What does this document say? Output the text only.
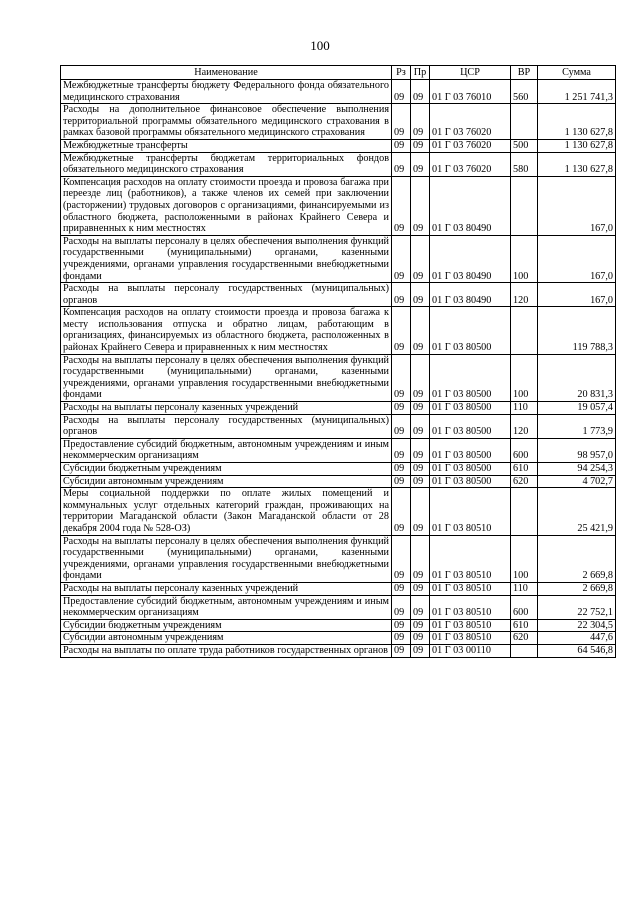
100
Наименование	Рз	Пр	ЦСР	ВР	Сумма
Межбюджетные трансферты бюджету Федерального фонда обязательного медицинского страхования	09	09	01 Г 03 76010	560	1 251 741,3
Расходы на дополнительное финансовое обеспечение выполнения территориальной программы обязательного медицинского страхования в рамках базовой программы обязательного медицинского страхования	09	09	01 Г 03 76020		1 130 627,8
Межбюджетные трансферты	09	09	01 Г 03 76020	500	1 130 627,8
Межбюджетные трансферты бюджетам территориальных фондов обязательного медицинского страхования	09	09	01 Г 03 76020	580	1 130 627,8
Компенсация расходов на оплату стоимости проезда и провоза багажа при переезде лиц (работников), а также членов их семей при заключении (расторжении) трудовых договоров с организациями, финансируемыми из областного бюджета, расположенными в районах Крайнего Севера и приравненных к ним местностях	09	09	01 Г 03 80490		167,0
Расходы на выплаты персоналу в целях обеспечения выполнения функций государственными (муниципальными) органами, казенными учреждениями, органами управления государственными внебюджетными фондами	09	09	01 Г 03 80490	100	167,0
Расходы на выплаты персоналу государственных (муниципальных) органов	09	09	01 Г 03 80490	120	167,0
Компенсация расходов на оплату стоимости проезда и провоза багажа к месту использования отпуска и обратно лицам, работающим в организациях, финансируемых из областного бюджета, расположенных в районах Крайнего Севера и приравненных к ним местностях	09	09	01 Г 03 80500		119 788,3
Расходы на выплаты персоналу в целях обеспечения выполнения функций государственными (муниципальными) органами, казенными учреждениями, органами управления государственными внебюджетными фондами	09	09	01 Г 03 80500	100	20 831,3
Расходы на выплаты персоналу казенных учреждений	09	09	01 Г 03 80500	110	19 057,4
Расходы на выплаты персоналу государственных (муниципальных) органов	09	09	01 Г 03 80500	120	1 773,9
Предоставление субсидий бюджетным, автономным учреждениям и иным некоммерческим организациям	09	09	01 Г 03 80500	600	98 957,0
Субсидии бюджетным учреждениям	09	09	01 Г 03 80500	610	94 254,3
Субсидии автономным учреждениям	09	09	01 Г 03 80500	620	4 702,7
Меры социальной поддержки по оплате жилых помещений и коммунальных услуг отдельных категорий граждан, проживающих на территории Магаданской области (Закон Магаданской области от 28 декабря 2004 года № 528-ОЗ)	09	09	01 Г 03 80510		25 421,9
Расходы на выплаты персоналу в целях обеспечения выполнения функций государственными (муниципальными) органами, казенными учреждениями, органами управления государственными внебюджетными фондами	09	09	01 Г 03 80510	100	2 669,8
Расходы на выплаты персоналу казенных учреждений	09	09	01 Г 03 80510	110	2 669,8
Предоставление субсидий бюджетным, автономным учреждениям и иным некоммерческим организациям	09	09	01 Г 03 80510	600	22 752,1
Субсидии бюджетным учреждениям	09	09	01 Г 03 80510	610	22 304,5
Субсидии автономным учреждениям	09	09	01 Г 03 80510	620	447,6
Расходы на выплаты по оплате труда работников государственных органов	09	09	01 Г 03 00110		64 546,8
